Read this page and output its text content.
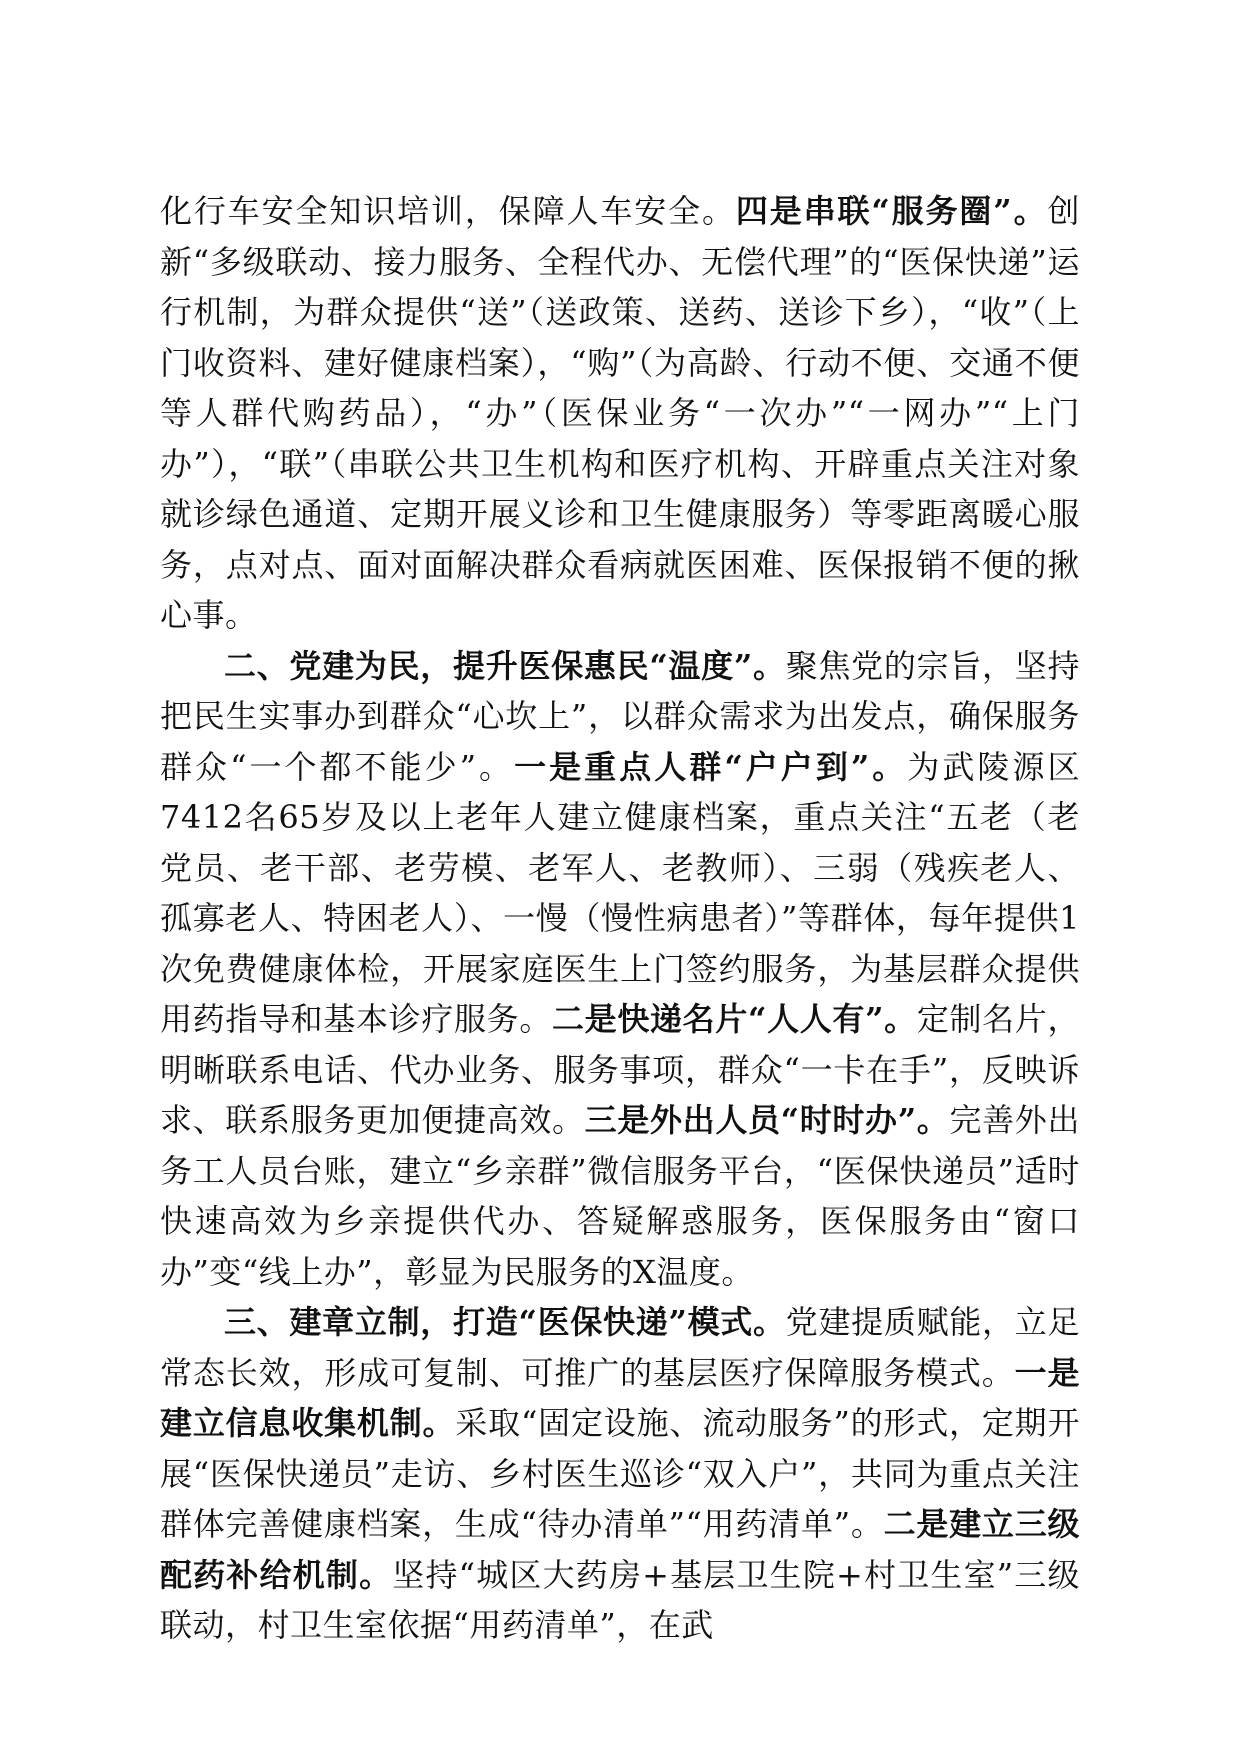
化行车安全知识培训，保障人车安全。四是串联“服务圈”。创新“多级联动、接力服务、全程代办、无偿代理”的“医保快递”运行机制，为群众提供“送”（送政策、送药、送诊下乡），“收”（上门收资料、建好健康档案），“购”（为高龄、行动不便、交通不便等人群代购药品），“办”（医保业务“一次办”“一网办”“上门办”），“联”（串联公共卫生机构和医疗机构、开辟重点关注对象就诊绿色通道、定期开展义诊和卫生健康服务）等零距离暖心服务，点对点、面对面解决群众看病就医困难、医保报销不便的揪心事。

二、党建为民，提升医保惠民“温度”。聚焦党的宗旨，坚持把民生实事办到群众“心坎上”，以群众需求为出发点，确保服务群众“一个都不能少”。一是重点人群“户户到”。为武陵源区7412名65岁及以上老年人建立健康档案，重点关注“五老（老党员、老干部、老劳模、老军人、老教师）、三弱（残疾老人、孤寡老人、特困老人）、一慢（慢性病患者）”等群体，每年提供1次免费健康体检，开展家庭医生上门签约服务，为基层群众提供用药指导和基本诊疗服务。二是快递名片“人人有”。定制名片，明晰联系电话、代办业务、服务事项，群众“一卡在手”，反映诉求、联系服务更加便捷高效。三是外出人员“时时办”。完善外出务工人员台账，建立“乡亲群”微信服务平台，“医保快递员”适时快速高效为乡亲提供代办、答疑解惑服务，医保服务由“窗口办”变“线上办”，彰显为民服务的X温度。

三、建章立制，打造“医保快递”模式。党建提质赋能，立足常态长效，形成可复制、可推广的基层医疗保障服务模式。一是建立信息收集机制。采取“固定设施、流动服务”的形式，定期开展“医保快递员”走访、乡村医生巡诊“双入户”，共同为重点关注群体完善健康档案，生成“待办清单”“用药清单”。二是建立三级配药补给机制。坚持“城区大药房+基层卫生院+村卫生室”三级联动，村卫生室依据“用药清单”，在武
